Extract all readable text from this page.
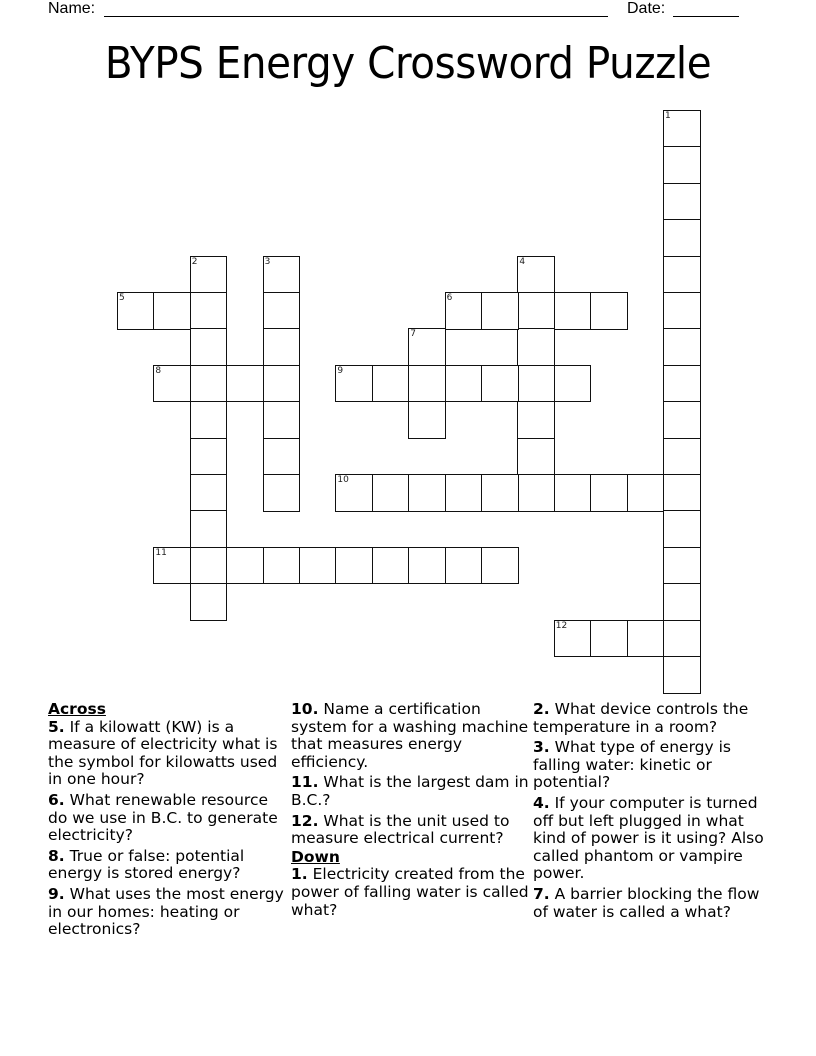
Name:	Date:
BYPS Energy Crossword Puzzle
1
2	3	4
5	6
7
8	9
10
11
12
Across
5. If a kilowatt (KW) is a measure of electricity what is the symbol for kilowatts used in one hour?
6. What renewable resource do we use in B.C. to generate electricity?
8. True or false: potential energy is stored energy?
9. What uses the most energy in our homes: heating or electronics?
10. Name a certification system for a washing machine that measures energy efficiency.
11. What is the largest dam in B.C.?
12. What is the unit used to measure electrical current?
Down
1. Electricity created from the power of falling water is called what?
2. What device controls the temperature in a room?
3. What type of energy is falling water: kinetic or potential?
4. If your computer is turned off but left plugged in what kind of power is it using? Also called phantom or vampire power.
7. A barrier blocking the flow of water is called a what?
